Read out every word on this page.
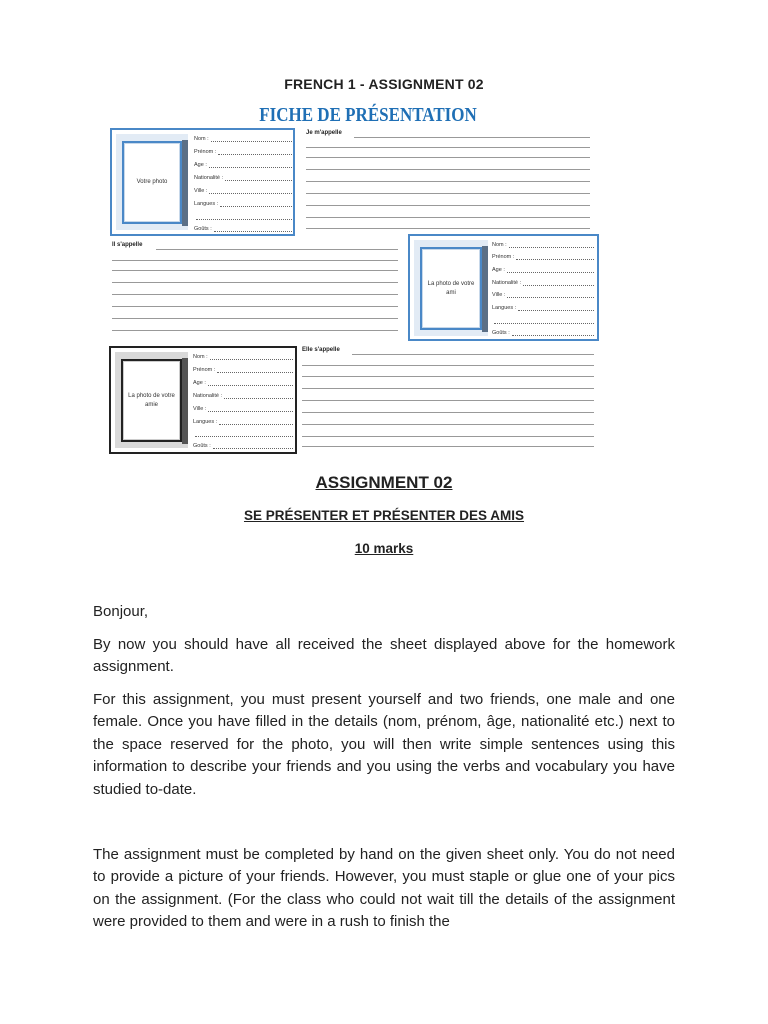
FRENCH 1 - ASSIGNMENT 02
FICHE DE PRÉSENTATION
Votre photo
Nom :
Prénom :
Age :
Nationalité :
Ville :
Langues :
Goûts :
Je m'appelle
Il s'appelle
La photo de votre ami
Nom :
Prénom :
Age :
Nationalité :
Ville :
Langues :
Goûts :
La photo de votre amie
Nom :
Prénom :
Age :
Nationalité :
Ville :
Langues :
Goûts :
Elle s'appelle
ASSIGNMENT 02
SE PRÉSENTER ET PRÉSENTER DES AMIS
10 marks

Bonjour,

By now you should have all received the sheet displayed above for the homework assignment.

For this assignment, you must present yourself and two friends, one male and one female. Once you have filled in the details (nom, prénom, âge, nationalité etc.) next to the space reserved for the photo, you will then write simple sentences using this information to describe your friends and you using the verbs and vocabulary you have studied to-date.

The assignment must be completed by hand on the given sheet only. You do not need to provide a picture of your friends. However, you must staple or glue one of your pics on the assignment. (For the class who could not wait till the details of the assignment were provided to them and were in a rush to finish the
